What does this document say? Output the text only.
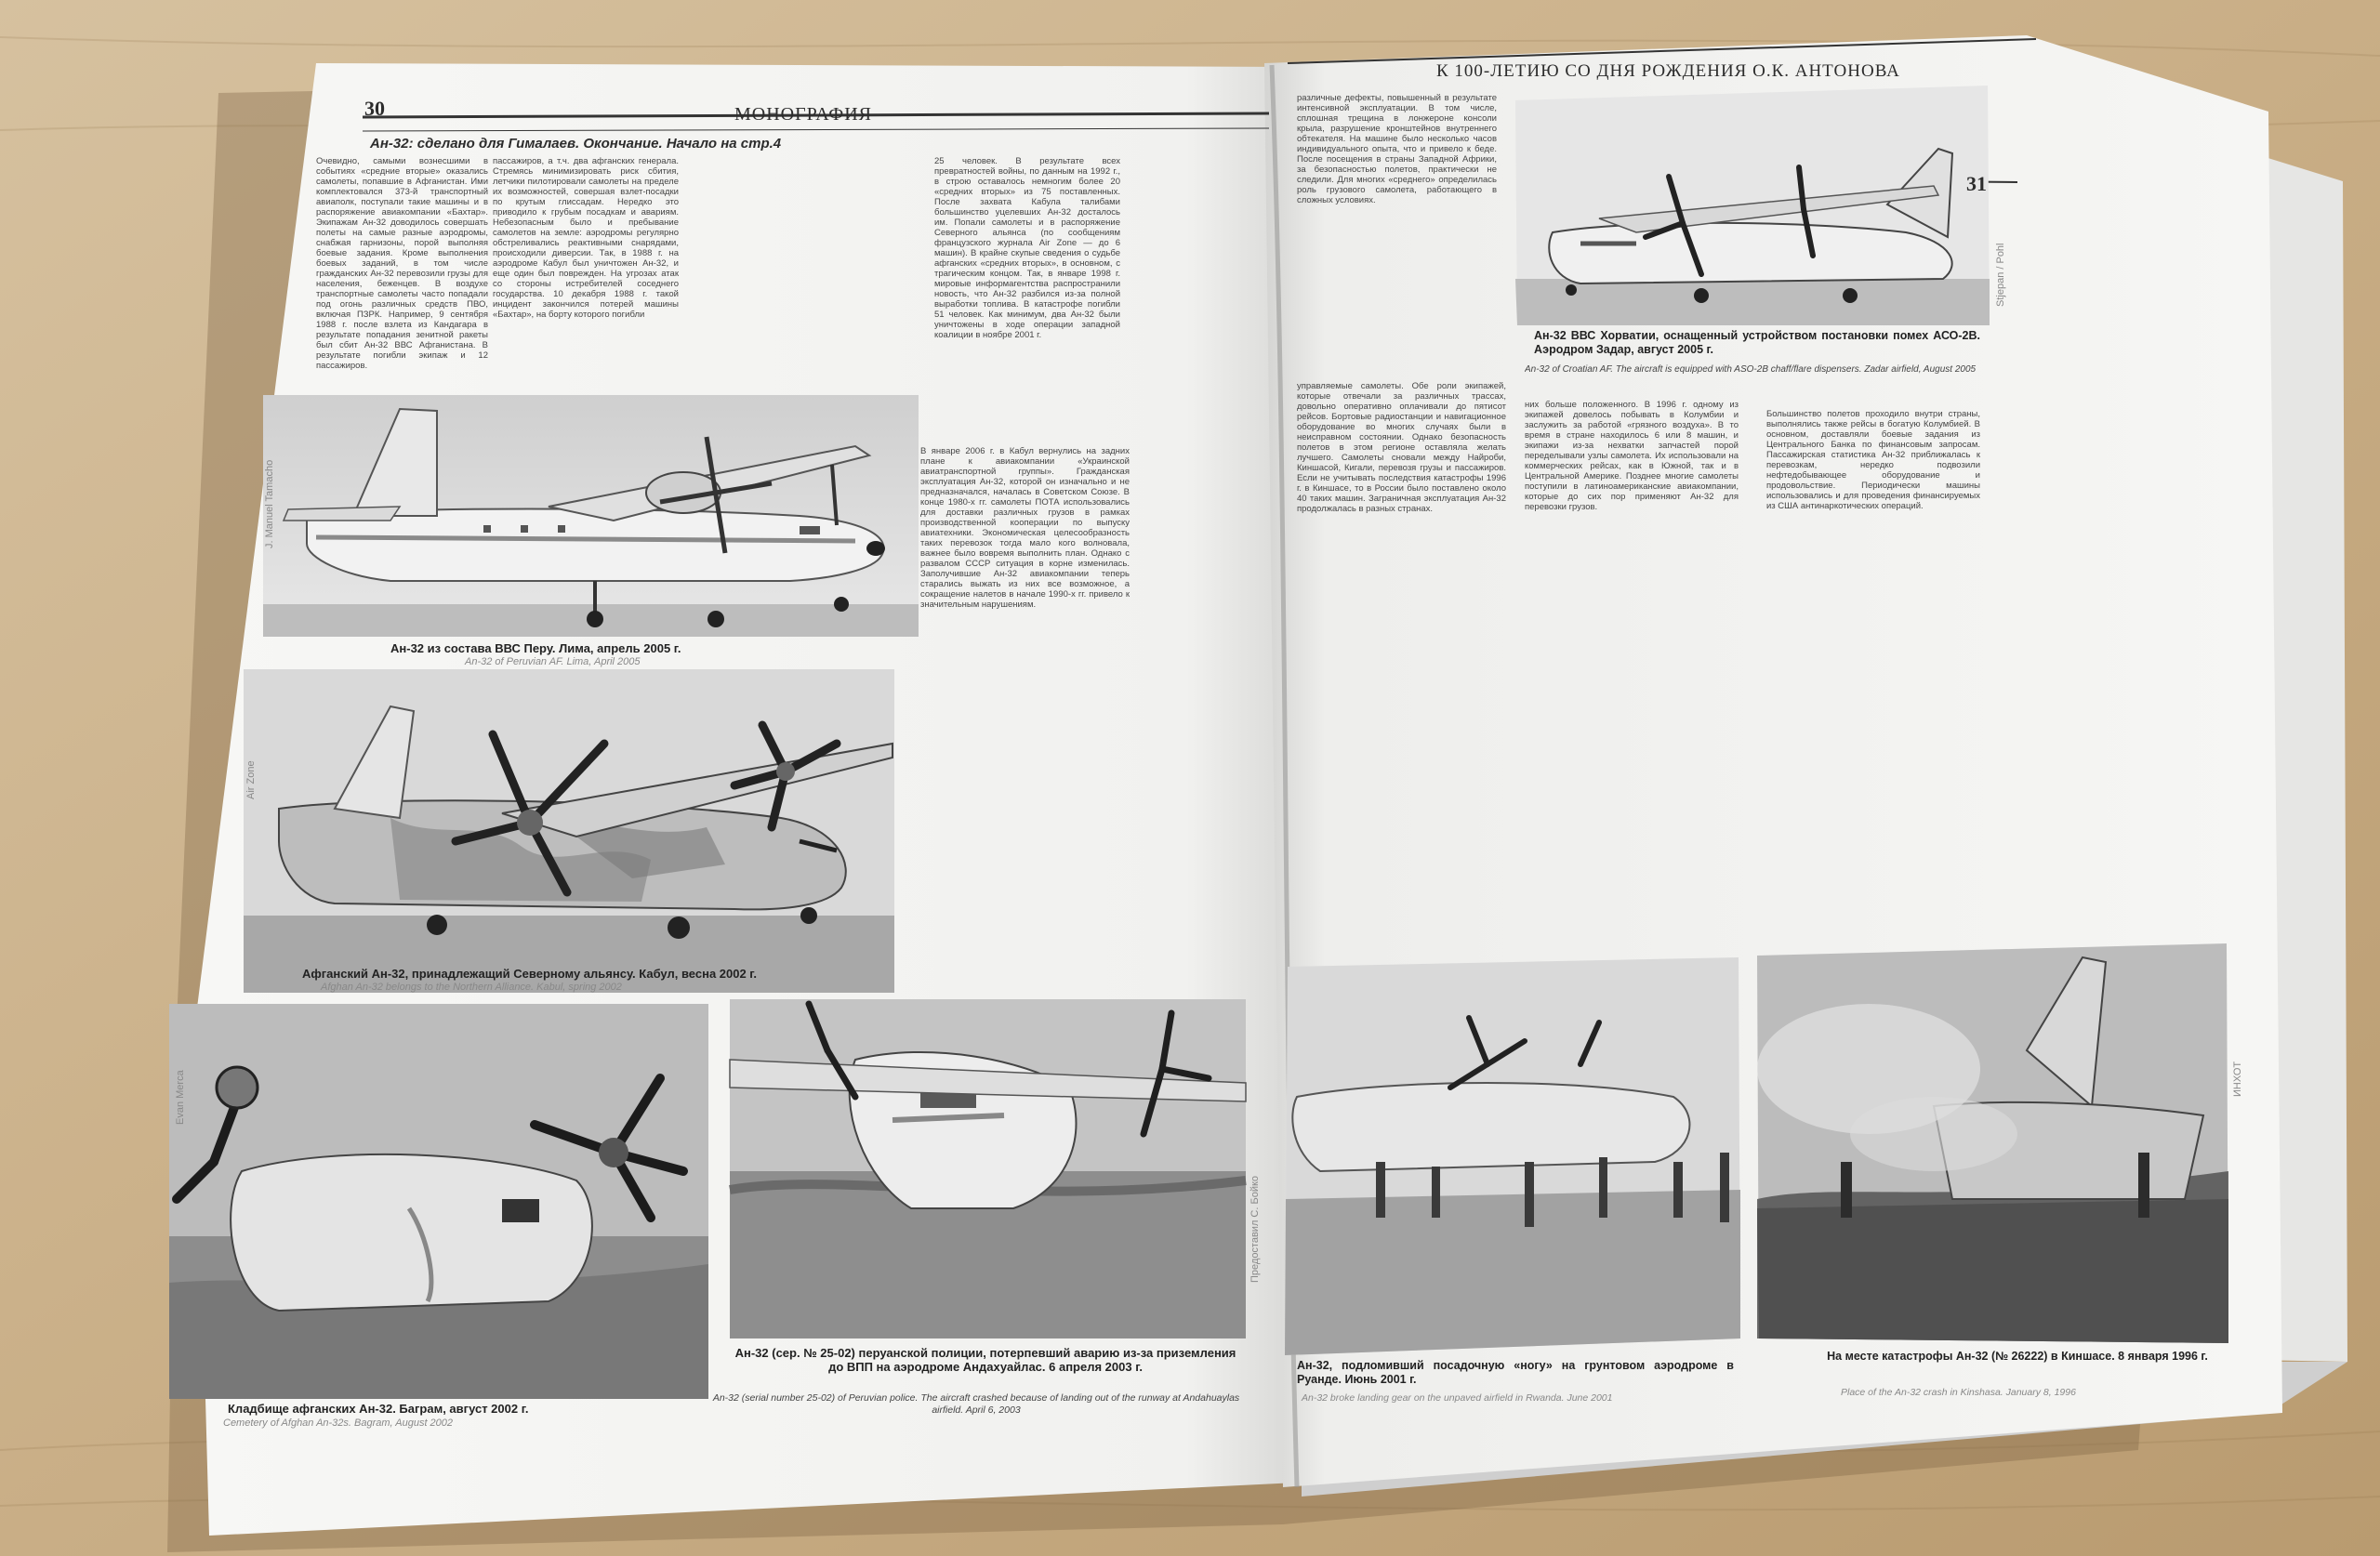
J. Manuel Tamacho
Air Zone
Evan Merca
Предоставил С. Бойко
Stjepan / Pohl
ИНХОТ
30	МОНОГРАФИЯ
Ан-32: сделано для Гималаев. Окончание. Начало на стр.4
Очевидно, самыми вознесшими в событиях «средние вторые» оказались самолеты, попавшие в Афганистан. Ими комплектовался 373-й транспортный авиаполк, поступали такие машины и в распоряжение авиакомпании «Бахтар». Экипажам Ан-32 доводилось совершать полеты на самые разные аэродромы, снабжая гарнизоны, порой выполняя боевые задания. Кроме выполнения боевых заданий, в том числе гражданских Ан-32 перевозили грузы для населения, беженцев. В воздухе транспортные самолеты часто попадали под огонь различных средств ПВО, включая ПЗРК. Например, 9 сентября 1988 г. после взлета из Кандагара в результате попадания зенитной ракеты был сбит Ан-32 ВВС Афганистана. В результате погибли экипаж и 12 пассажиров.
пассажиров, а т.ч. два афганских генерала. Стремясь минимизировать риск сбития, летчики пилотировали самолеты на пределе их возможностей, совершая взлет-посадки по крутым глиссадам. Нередко это приводило к грубым посадкам и авариям. Небезопасным было и пребывание самолетов на земле: аэродромы регулярно обстреливались реактивными снарядами, происходили диверсии. Так, в 1988 г. на аэродроме Кабул был уничтожен Ан-32, и еще один был поврежден. На угрозах атак со стороны истребителей соседнего государства. 10 декабря 1988 г. такой инцидент закончился потерей машины «Бахтар», на борту которого погибли
25 человек. В результате всех превратностей войны, по данным на 1992 г., в строю оставалось немногим более 20 «средних вторых» из 75 поставленных. После захвата Кабула талибами большинство уцелевших Ан-32 досталось им. Попали самолеты и в распоряжение Северного альянса (по сообщениям французского журнала Air Zone — до 6 машин). В крайне скупые сведения о судьбе афганских «средних вторых», в основном, с трагическим концом. Так, в январе 1998 г. мировые информагентства распространили новость, что Ан-32 разбился из-за полной выработки топлива. В катастрофе погибли 51 человек. Как минимум, два Ан-32 были уничтожены в ходе операции западной коалиции в ноябре 2001 г.
В январе 2006 г. в Кабул вернулись на задних плане к авиакомпании «Украинской авиатранспортной группы». Гражданская эксплуатация Ан-32, которой он изначально и не предназначался, началась в Советском Союзе. В конце 1980-х гг. самолеты ПОТА использовались для доставки различных грузов в рамках производственной кооперации по выпуску авиатехники. Экономическая целесообразность таких перевозок тогда мало кого волновала, важнее было вовремя выполнить план. Однако с развалом СССР ситуация в корне изменилась. Заполучившие Ан-32 авиакомпании теперь старались выжать из них все возможное, а сокращение налетов в начале 1990-х гг. привело к значительным нарушениям.
Ан-32 из состава ВВС Перу. Лима, апрель 2005 г.
An-32 of Peruvian AF. Lima, April 2005
Афганский Ан-32, принадлежащий Северному альянсу. Кабул, весна 2002 г.
Afghan An-32 belongs to the Northern Alliance. Kabul, spring 2002
Кладбище афганских Ан-32. Баграм, август 2002 г.
Cemetery of Afghan An-32s. Bagram, August 2002
Ан-32 (сер. № 25-02) перуанской полиции, потерпевший аварию из-за приземления до ВПП на аэродроме Андахуайлас. 6 апреля 2003 г.
An-32 (serial number 25-02) of Peruvian police. The aircraft crashed because of landing out of the runway at Andahuaylas airfield. April 6, 2003
К 100-ЛЕТИЮ СО ДНЯ РОЖДЕНИЯ О.К. АНТОНОВА
31
Ан-32 ВВС Хорватии, оснащенный устройством постановки помех АСО-2В. Аэродром Задар, август 2005 г.
An-32 of Croatian AF. The aircraft is equipped with ASO-2B chaff/flare dispensers. Zadar airfield, August 2005
различные дефекты, повышенный в результате интенсивной эксплуатации. В том числе, сплошная трещина в лонжероне консоли крыла, разрушение кронштейнов внутреннего обтекателя. На машине было несколько часов индивидуального опыта, что и привело к беде. После посещения в страны Западной Африки, за безопасностью полетов, практически не следили. Для многих «среднего» определилась роль грузового самолета, работающего в сложных условиях.
управляемые самолеты. Обе роли экипажей, которые отвечали за различных трассах, довольно оперативно оплачивали до пятисот рейсов. Бортовые радиостанции и навигационное оборудование во многих случаях были в неисправном состоянии. Однако безопасность полетов в этом регионе оставляла желать лучшего. Самолеты сновали между Найроби, Киншасой, Кигали, перевозя грузы и пассажиров. Если не учитывать последствия катастрофы 1996 г. в Киншасе, то в России было поставлено около 40 таких машин. Заграничная эксплуатация Ан-32 продолжалась в разных странах.
них больше положенного. В 1996 г. одному из экипажей довелось побывать в Колумбии и заслужить за работой «грязного воздуха». В то время в стране находилось 6 или 8 машин, и экипажи из-за нехватки запчастей порой переделывали узлы самолета. Их использовали на коммерческих рейсах, как в Южной, так и в Центральной Америке. Позднее многие самолеты поступили в латиноамериканские авиакомпании, которые до сих пор применяют Ан-32 для перевозки грузов.
Большинство полетов проходило внутри страны, выполнялись также рейсы в богатую Колумбией. В основном, доставляли боевые задания из Центрального Банка по финансовым запросам. Пассажирская статистика Ан-32 приближалась к перевозкам, нередко подвозили нефтедобывающее оборудование и продовольствие. Периодически машины использовались и для проведения финансируемых из США антинаркотических операций.
Ан-32, подломивший посадочную «ногу» на грунтовом аэродроме в Руанде. Июнь 2001 г.
An-32 broke landing gear on the unpaved airfield in Rwanda. June 2001
На месте катастрофы Ан-32 (№ 26222) в Киншасе. 8 января 1996 г.
Place of the An-32 crash in Kinshasa. January 8, 1996
